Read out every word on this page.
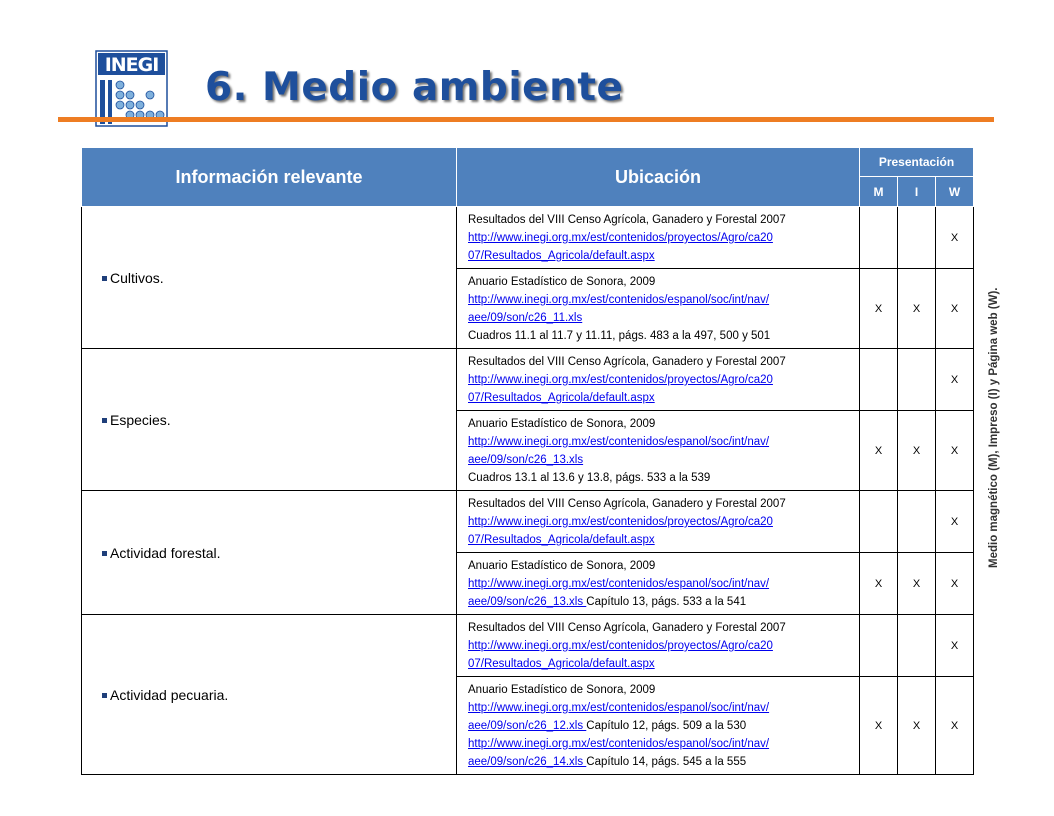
INEGI 6. Medio ambiente
Información relevante	Ubicación	Presentación		
		M	I	W
Cultivos.	Resultados del VIII Censo Agrícola, Ganadero y Forestal 2007
http://www.inegi.org.mx/est/contenidos/proyectos/Agro/ca20
07/Resultados_Agricola/default.aspx			X

	Anuario Estadístico de Sonora, 2009
http://www.inegi.org.mx/est/contenidos/espanol/soc/int/nav/
aee/09/son/c26_11.xls
Cuadros 11.1 al 11.7 y 11.11, págs. 483 a la 497, 500 y 501	X	X	X
Especies.	Resultados del VIII Censo Agrícola, Ganadero y Forestal 2007
http://www.inegi.org.mx/est/contenidos/proyectos/Agro/ca20
07/Resultados_Agricola/default.aspx			X

	Anuario Estadístico de Sonora, 2009
http://www.inegi.org.mx/est/contenidos/espanol/soc/int/nav/
aee/09/son/c26_13.xls
Cuadros 13.1 al 13.6 y 13.8, págs. 533 a la 539	X	X	X
Actividad forestal.	Resultados del VIII Censo Agrícola, Ganadero y Forestal 2007
http://www.inegi.org.mx/est/contenidos/proyectos/Agro/ca20
07/Resultados_Agricola/default.aspx			X

	Anuario Estadístico de Sonora, 2009
http://www.inegi.org.mx/est/contenidos/espanol/soc/int/nav/
aee/09/son/c26_13.xls Capítulo 13, págs. 533 a la 541	X	X	X
Actividad pecuaria.	Resultados del VIII Censo Agrícola, Ganadero y Forestal 2007
http://www.inegi.org.mx/est/contenidos/proyectos/Agro/ca20
07/Resultados_Agricola/default.aspx			X

	Anuario Estadístico de Sonora, 2009
http://www.inegi.org.mx/est/contenidos/espanol/soc/int/nav/
aee/09/son/c26_12.xls Capítulo 12, págs. 509 a la 530
http://www.inegi.org.mx/est/contenidos/espanol/soc/int/nav/
aee/09/son/c26_14.xls Capítulo 14, págs. 545 a la 555	X	X	X
Medio magnético (M), Impreso (I) y Página web (W).
